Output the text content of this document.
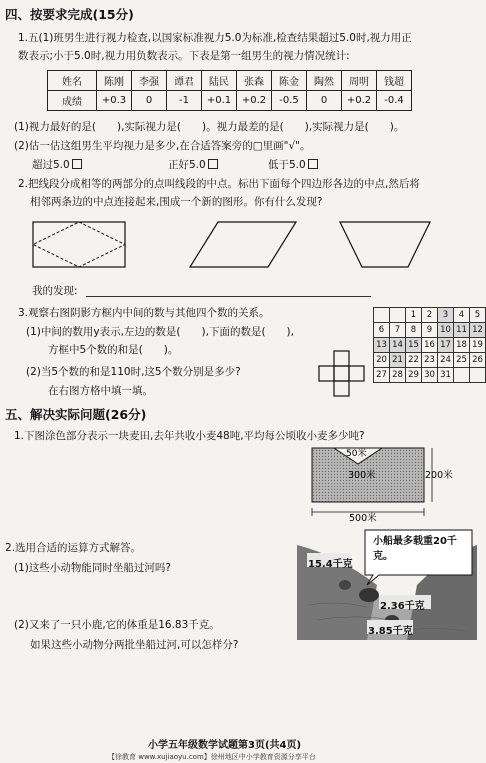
四、按要求完成(15分)
1.五(1)班男生进行视力检查,以国家标准视力5.0为标准,检查结果超过5.0时,视力用正
数表示;小于5.0时,视力用负数表示。下表是第一组男生的视力情况统计:
姓名	陈刚	李强	谭君	陆民	张森	陈金	陶然	周明	钱超
成绩	+0.3	0	-1	+0.1	+0.2	-0.5	0	+0.2	-0.4
(1)视力最好的是(　　),实际视力是(　　)。视力最差的是(　　),实际视力是(　　)。
(2)估一估这组男生平均视力是多少,在合适答案旁的□里画"√"。
超过5.0	正好5.0	低于5.0
2.把线段分成相等的两部分的点叫线段的中点。标出下面每个四边形各边的中点,然后将
相邻两条边的中点连接起来,围成一个新的图形。你有什么发现?
我的发现:
3.观察右图阴影方框内中间的数与其他四个数的关系。
(1)中间的数用y表示,左边的数是(　　),下面的数是(　　),
方框中5个数的和是(　　)。
(2)当5个数的和是110时,这5个数分别是多少?
在右图方格中填一填。
		1	2	3	4	5
6	7	8	9	10	11	12
13	14	15	16	17	18	19
20	21	22	23	24	25	26
27	28	29	30	31		
五、解决实际问题(26分)
1.下图涂色部分表示一块麦田,去年共收小麦48吨,平均每公顷收小麦多少吨?
50米
300米	200米
500米
2.选用合适的运算方式解答。
(1)这些小动物能同时坐船过河吗?
(2)又来了一只小鹿,它的体重是16.83千克。
如果这些小动物分两批坐船过河,可以怎样分?
小船最多载重20千克。
15.4千克
2.36千克
3.85千克
小学五年级数学试题第3页(共4页)
【徐教育 www.xujiaoyu.com】徐州地区中小学教育资源分享平台
